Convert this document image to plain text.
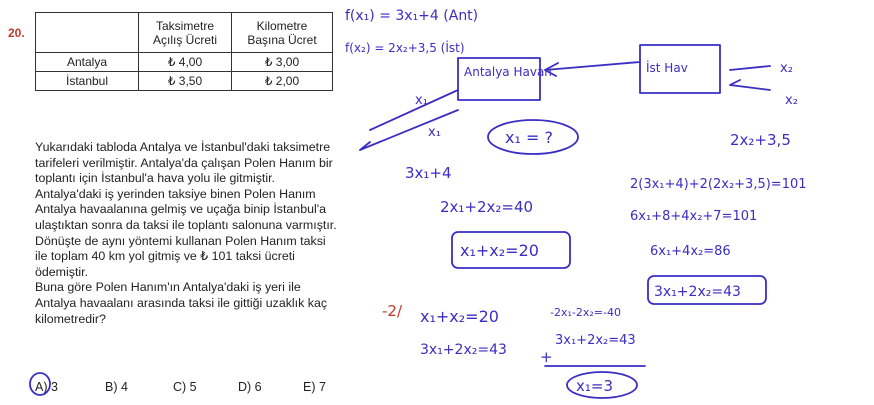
20.
	Taksimetre Açılış Ücreti	Kilometre Başına Ücret
Antalya	₺ 4,00	₺ 3,00
İstanbul	₺ 3,50	₺ 2,00

Yukarıdaki tabloda Antalya ve İstanbul'daki taksimetre tarifeleri verilmiştir. Antalya'da çalışan Polen Hanım bir toplantı için İstanbul'a hava yolu ile gitmiştir. Antalya'daki iş yerinden taksiye binen Polen Hanım Antalya havaalanına gelmiş ve uçağa binip İstanbul'a ulaştıktan sonra da taksi ile toplantı salonuna varmıştır. Dönüşte de aynı yöntemi kullanan Polen Hanım taksi ile toplam 40 km yol gitmiş ve ₺ 101 taksi ücreti ödemiştir.

Buna göre Polen Hanım'ın Antalya'daki iş yeri ile Antalya havaalanı arasında taksi ile gittiği uzaklık kaç kilometredir?

A) 3	B) 4	C) 5	D) 6	E) 7
f(x₁) = 3x₁+4 (Ant)
f(x₂) = 2x₂+3,5 (İst)
Antalya Havan	İst Hav
x₁
x₁
3x₁+4
x₂
x₂
2x₂+3,5
x₁ = ?
2(3x₁+4)+2(2x₂+3,5)=101
6x₁+8+4x₂+7=101
6x₁+4x₂=86
3x₁+2x₂=43
2x₁+2x₂=40
x₁+x₂=20
-2/ x₁+x₂=20
3x₁+2x₂=43
-2x₁-2x₂=-40
3x₁+2x₂=43
+
x₁=3
